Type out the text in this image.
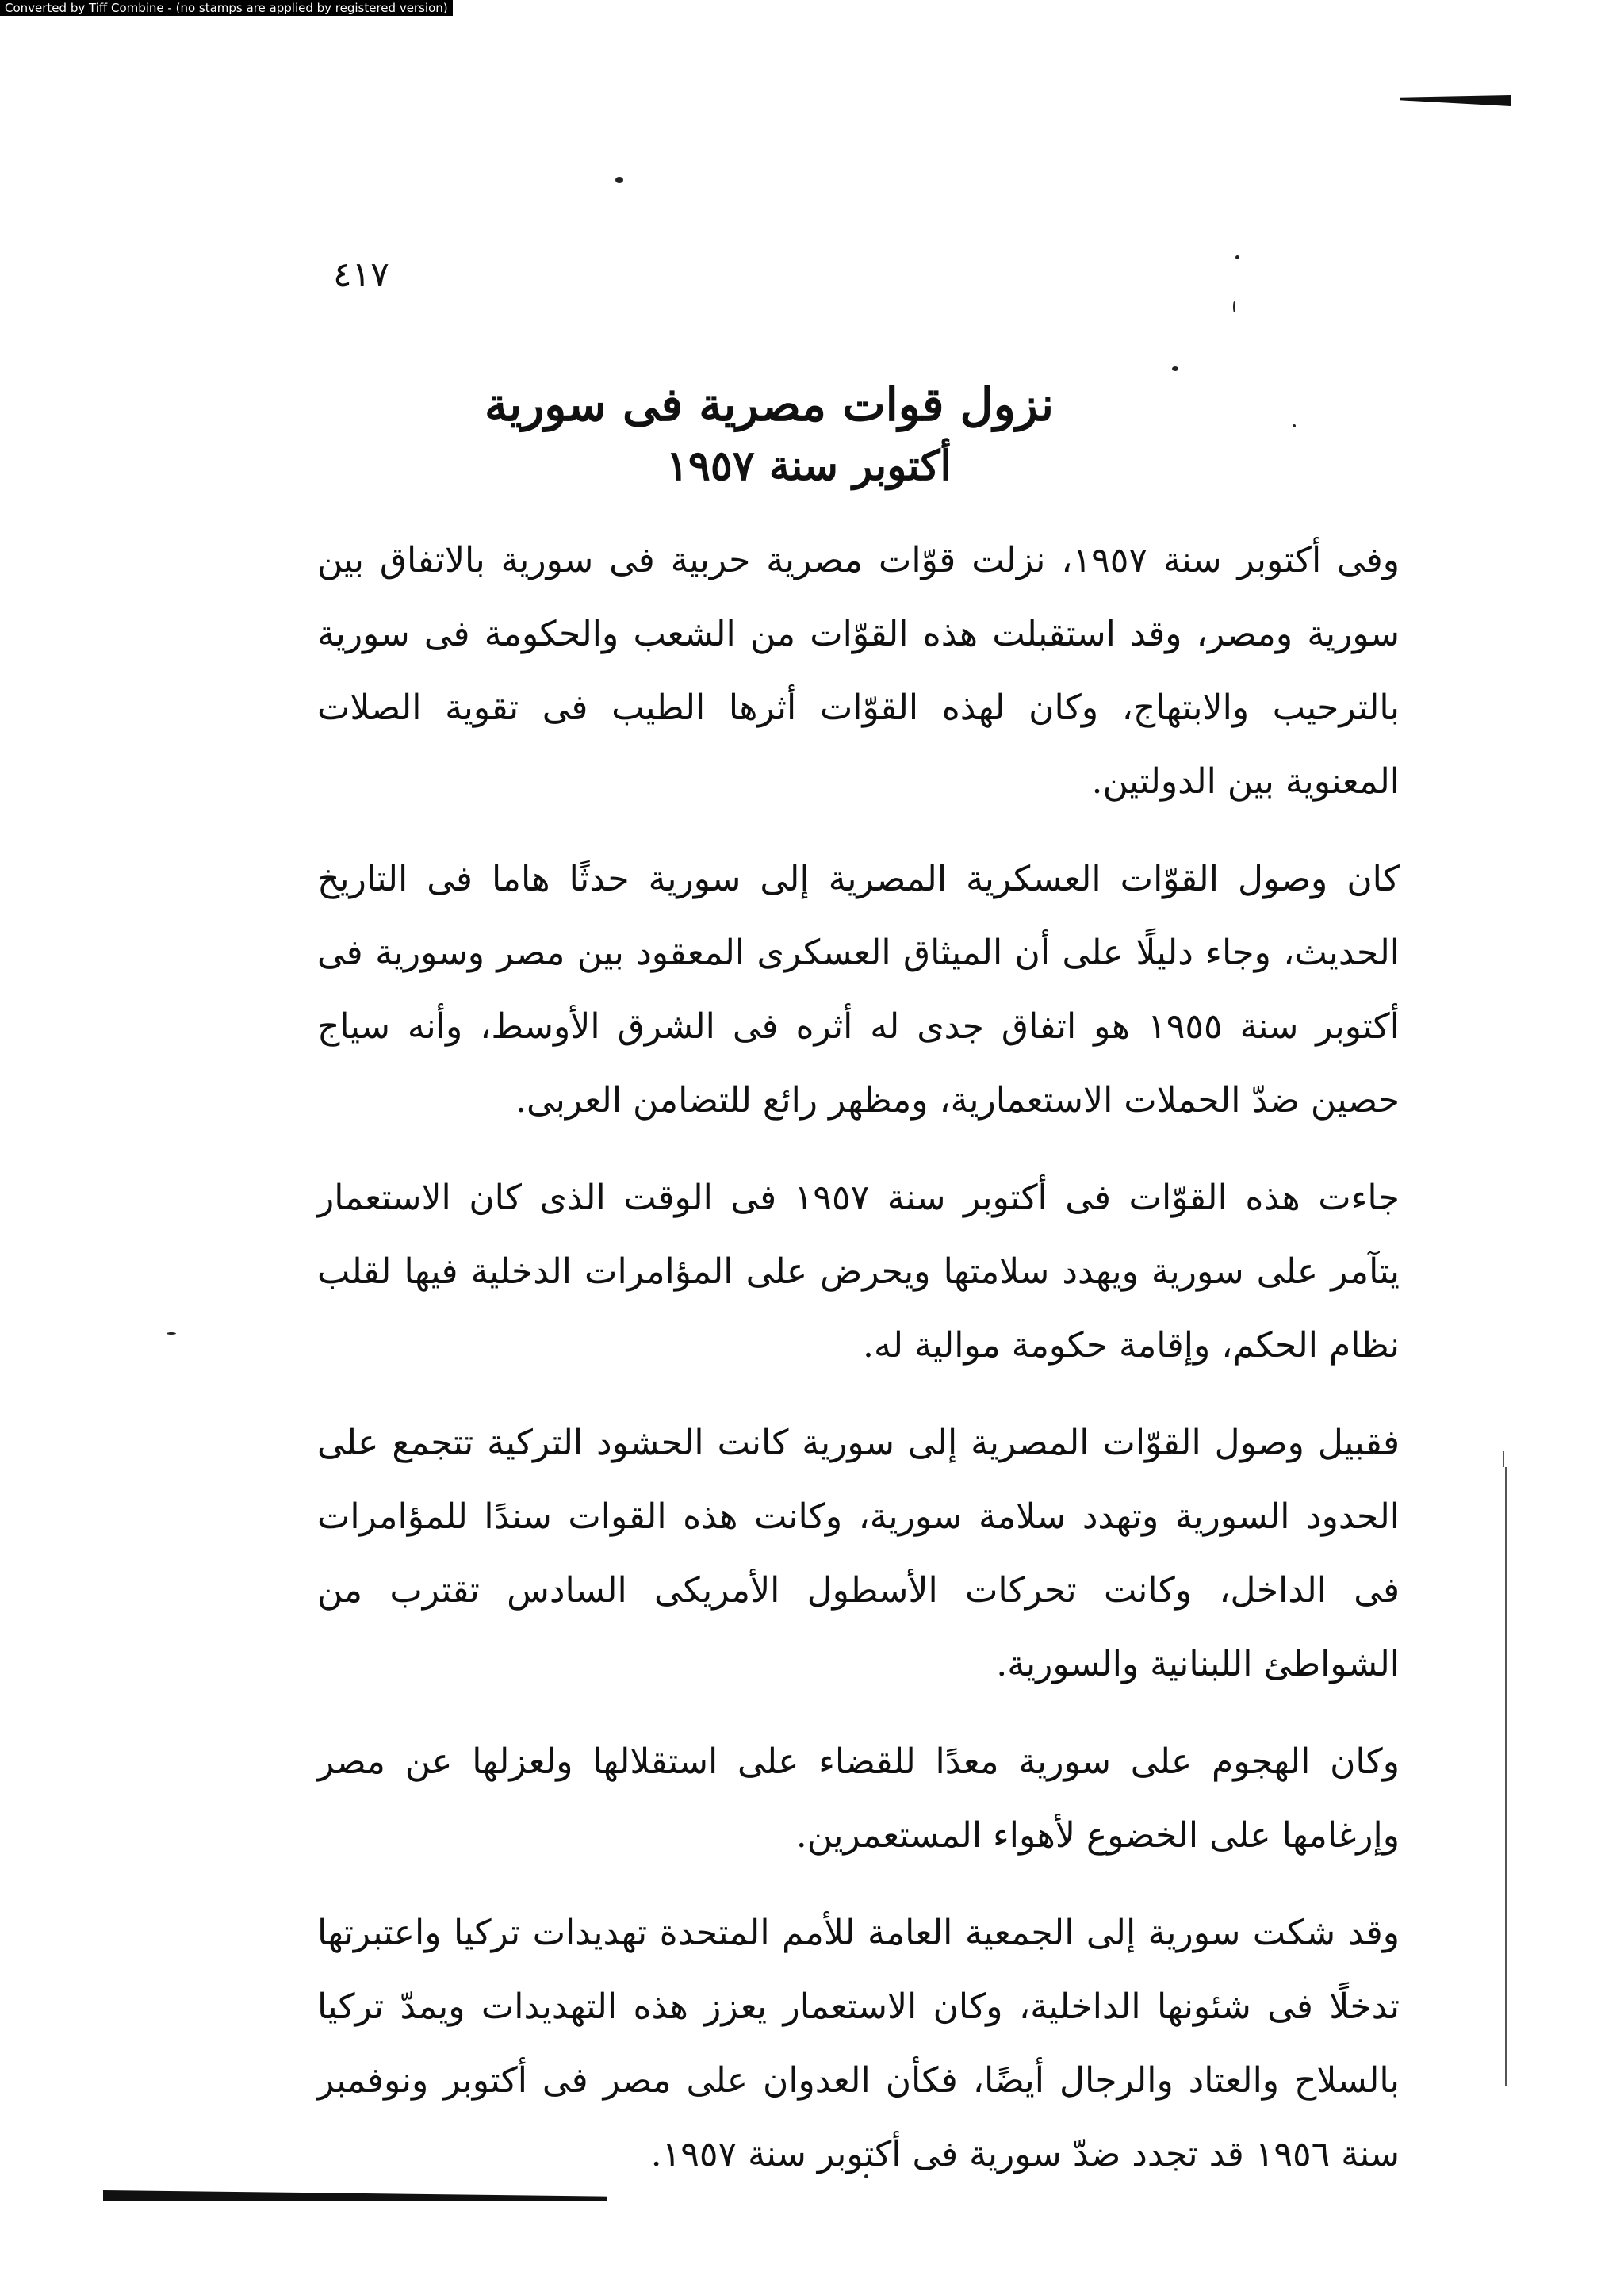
Converted by Tiff Combine - (no stamps are applied by registered version)
٤١٧

نزول قوات مصرية فى سورية

أكتوبر سنة ١٩٥٧

وفى أكتوبر سنة ١٩٥٧، نزلت قوّات مصرية حربية فى سورية بالاتفاق بين سورية ومصر، وقد استقبلت هذه القوّات من الشعب والحكومة فى سورية بالترحيب والابتهاج، وكان لهذه القوّات أثرها الطيب فى تقوية الصلات المعنوية بين الدولتين.

كان وصول القوّات العسكرية المصرية إلى سورية حدثًا هاما فى التاريخ الحديث، وجاء دليلًا على أن الميثاق العسكرى المعقود بين مصر وسورية فى أكتوبر سنة ١٩٥٥ هو اتفاق جدى له أثره فى الشرق الأوسط، وأنه سياج حصين ضدّ الحملات الاستعمارية، ومظهر رائع للتضامن العربى.

جاءت هذه القوّات فى أكتوبر سنة ١٩٥٧ فى الوقت الذى كان الاستعمار يتآمر على سورية ويهدد سلامتها ويحرض على المؤامرات الدخلية فيها لقلب نظام الحكم، وإقامة حكومة موالية له.

فقبيل وصول القوّات المصرية إلى سورية كانت الحشود التركية تتجمع على الحدود السورية وتهدد سلامة سورية، وكانت هذه القوات سندًا للمؤامرات فى الداخل، وكانت تحركات الأسطول الأمريكى السادس تقترب من الشواطئ اللبنانية والسورية.

وكان الهجوم على سورية معدًا للقضاء على استقلالها ولعزلها عن مصر وإرغامها على الخضوع لأهواء المستعمرين.

وقد شكت سورية إلى الجمعية العامة للأمم المتحدة تهديدات تركيا واعتبرتها تدخلًا فى شئونها الداخلية، وكان الاستعمار يعزز هذه التهديدات ويمدّ تركيا بالسلاح والعتاد والرجال أيضًا، فكأن العدوان على مصر فى أكتوبر ونوفمبر سنة ١٩٥٦ قد تجدد ضدّ سورية فى أكتوبر سنة ١٩٥٧.
